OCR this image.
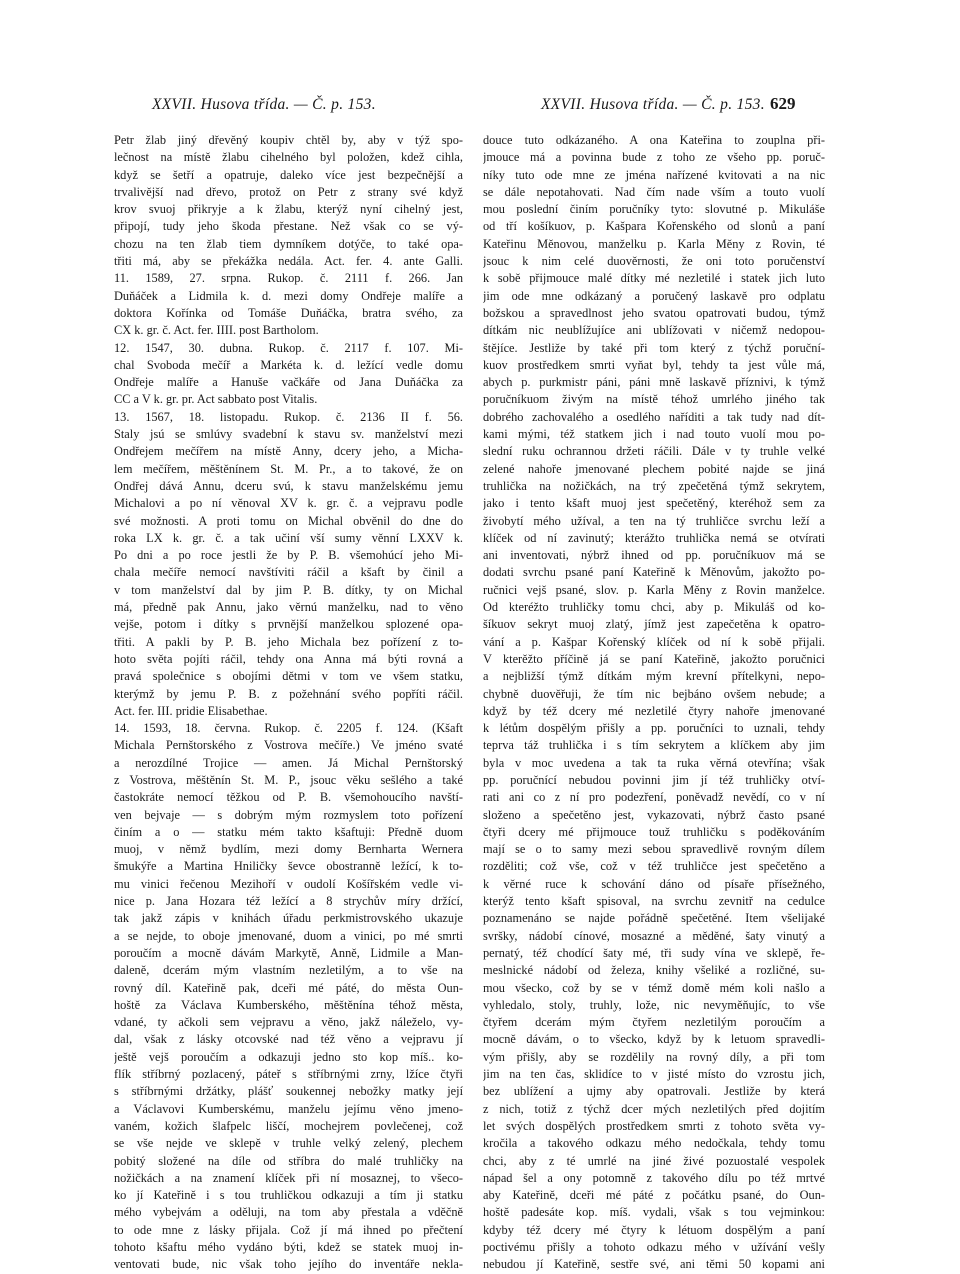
XXVII. Husova třída. — Č. p. 153.	XXVII. Husova třída. — Č. p. 153. 629
Petr žlab jiný dřevěný koupiv chtěl by, aby v týž spo-
lečnost na místě žlabu cihelného byl položen, kdež cihla,
když se šetří a opatruje, daleko více jest bezpečnější a
trvalivější nad dřevo, protož on Petr z strany své když
krov svuoj přikryje a k žlabu, kterýž nyní cihelný jest,
připojí, tudy jeho škoda přestane. Než však co se vý-
chozu na ten žlab tiem dymníkem dotýče, to také opa-
třiti má, aby se překážka nedála. Act. fer. 4. ante Galli.
11. 1589, 27. srpna. Rukop. č. 2111 f. 266. Jan
Duňáček a Lidmila k. d. mezi domy Ondřeje malíře a
doktora Kořínka od Tomáše Duňáčka, bratra svého, za
CX k. gr. č. Act. fer. IIII. post Bartholom.
12. 1547, 30. dubna. Rukop. č. 2117 f. 107. Mi-
chal Svoboda mečíř a Markéta k. d. ležící vedle domu
Ondřeje malíře a Hanuše vačkáře od Jana Duňáčka za
CC a V k. gr. pr. Act sabbato post Vitalis.
13. 1567, 18. listopadu. Rukop. č. 2136 II f. 56.
Staly jsú se smlúvy svadební k stavu sv. manželství mezi
Ondřejem mečířem na místě Anny, dcery jeho, a Micha-
lem mečířem, měštěnínem St. M. Pr., a to takové, že on
Ondřej dává Annu, dceru svú, k stavu manželskému jemu
Michalovi a po ní věnoval XV k. gr. č. a vejpravu podle
své možnosti. A proti tomu on Michal obvěnil do dne do
roka LX k. gr. č. a tak učiní vší sumy věnní LXXV k.
Po dni a po roce jestli že by P. B. všemohúcí jeho Mi-
chala mečíře nemocí navštíviti ráčil a kšaft by činil a
v tom manželství dal by jim P. B. dítky, ty on Michal
má, předně pak Annu, jako věrnú manželku, nad to věno
vejše, potom i dítky s prvnější manželkou splozené opa-
třiti. A pakli by P. B. jeho Michala bez pořízení z to-
hoto světa pojíti ráčil, tehdy ona Anna má býti rovná a
pravá společnice s obojími dětmi v tom ve všem statku,
kterýmž by jemu P. B. z požehnání svého popříti ráčil.
Act. fer. III. pridie Elisabethae.
14. 1593, 18. června. Rukop. č. 2205 f. 124. (Kšaft
Michala Pernštorského z Vostrova mečíře.) Ve jméno svaté
a nerozdílné Trojice — amen. Já Michal Pernštorský
z Vostrova, měštěnín St. M. P., jsouc věku sešlého a také
častokráte nemocí těžkou od P. B. všemohoucího navští-
ven bejvaje — s dobrým mým rozmyslem toto pořízení
činím a o — statku mém takto kšaftuji: Předně duom
muoj, v němž bydlím, mezi domy Bernharta Wernera
šmukýře a Martina Hniličky ševce obostranně ležící, k to-
mu vinici řečenou Mezihoří v oudolí Košířském vedle vi-
nice p. Jana Hozara též ležící a 8 strychův míry držící,
tak jakž zápis v knihách úřadu perkmistrovského ukazuje
a se nejde, to oboje jmenované, duom a vinici, po mé smrti
poroučím a mocně dávám Markytě, Anně, Lidmile a Man-
daleně, dcerám mým vlastním nezletilým, a to vše na
rovný díl. Kateřině pak, dceři mé páté, do města Oun-
hoště za Václava Kumberského, měštěnína téhož města,
vdané, ty ačkoli sem vejpravu a věno, jakž náleželo, vy-
dal, však z lásky otcovské nad též věno a vejpravu jí
ještě vejš poroučím a odkazuji jedno sto kop míš.. ko-
flík stříbrný pozlacený, páteř s stříbrnými zrny, lžíce čtyři
s stříbrnými držátky, plášť soukennej nebožky matky její
a Václavovi Kumberskému, manželu jejímu věno jmeno-
vaném, kožich šlafpelc liščí, mochejrem povlečenej, což
se vše nejde ve sklepě v truhle velký zelený, plechem
pobitý složené na díle od stříbra do malé truhličky na
nožičkách a na znamení klíček při ní mosaznej, to všeco-
ko jí Kateřině i s tou truhličkou odkazuji a tím ji statku
mého vybejvám a oděluji, na tom aby přestala a vděčně
to ode mne z lásky přijala. Což jí má ihned po přečtení
tohoto kšaftu mého vydáno býti, kdež se statek muoj in-
ventovati bude, nic však toho jejího do inventáře nekla-
douce tuto odkázaného. A ona Kateřina to zouplna při-
jmouce má a povinna bude z toho ze všeho pp. poruč-
níky tuto ode mne ze jména nařízené kvitovati a na nic
se dále nepotahovati. Nad čím nade vším a touto vuolí
mou poslední činím poručníky tyto: slovutné p. Mikuláše
od tří košíkuov, p. Kašpara Kořenského od slonů a paní
Kateřinu Měnovou, manželku p. Karla Měny z Rovin, té
jsouc k nim celé duověrnosti, že oni toto poručenství
k sobě přijmouce malé dítky mé nezletilé i statek jich luto
jim ode mne odkázaný a poručený laskavě pro odplatu
božskou a spravedlnost jeho svatou opatrovati budou, týmž
dítkám nic neublížujíce ani ublížovati v ničemž nedopou-
štějíce. Jestliže by také při tom který z týchž poruční-
kuov prostředkem smrti vyňat byl, tehdy ta jest vůle má,
abych p. purkmistr páni, páni mně laskavě příznivi, k týmž
poručníkuom živým na místě téhož umrlého jiného tak
dobrého zachovalého a osedlého naříditi a tak tudy nad dít-
kami mými, též statkem jich i nad touto vuolí mou po-
slední ruku ochrannou držeti ráčili. Dále v ty truhle velké
zelené nahoře jmenované plechem pobité najde se jiná
truhlička na nožičkách, na trý zpečetěná týmž sekrytem,
jako i tento kšaft muoj jest spečetěný, kteréhož sem za
živobytí mého užíval, a ten na tý truhličce svrchu leží a
klíček od ní zavinutý; kterážto truhlička nemá se otvírati
ani inventovati, nýbrž ihned od pp. poručníkuov má se
dodati svrchu psané paní Kateřině k Měnovům, jakožto po-
ručnici vejš psané, slov. p. Karla Měny z Rovin manželce.
Od kteréžto truhličky tomu chci, aby p. Mikuláš od ko-
šíkuov sekryt muoj zlatý, jímž jest zapečetěna k opatro-
vání a p. Kašpar Kořenský klíček od ní k sobě přijali.
V kterěžto příčině já se paní Kateřině, jakožto poručnici
a nejbližší týmž dítkám mým krevní přítelkyni, nepo-
chybně duověřuji, že tím nic bejbáno ovšem nebude; a
když by též dcery mé nezletilé čtyry nahoře jmenované
k létům dospělým přišly a pp. poručníci to uznali, tehdy
teprva táž truhlička i s tím sekrytem a klíčkem aby jim
byla v moc uvedena a tak ta ruka věrná otevřína; však
pp. poručnící nebudou povinni jim jí též truhličky otví-
rati ani co z ní pro podezření, poněvadž nevědí, co v ní
složeno a spečetěno jest, vykazovati, nýbrž často psané
čtyři dcery mé přijmouce touž truhličku s poděkováním
mají se o to samy mezi sebou spravedlivě rovným dílem
rozděliti; což vše, což v též truhličce jest spečetěno a
k věrné ruce k schování dáno od písaře přísežného,
kterýž tento kšaft spisoval, na svrchu zevnitř na cedulce
poznamenáno se najde pořádně spečetěné. Item všelijaké
svršky, nádobí cínové, mosazné a měděné, šaty vinutý a
pernatý, též chodící šaty mé, tři sudy vína ve sklepě, ře-
meslnické nádobí od železa, knihy všeliké a rozličné, su-
mou všecko, což by se v témž domě mém koli našlo a
vyhledalo, stoly, truhly, lože, nic nevyměňujíc, to vše
čtyřem dcerám mým čtyřem nezletilým poroučím a
mocně dávám, o to všecko, když by k letuom spravedli-
vým přišly, aby se rozdělily na rovný díly, a při tom
jim na ten čas, sklidíce to v jisté místo do vzrostu jich,
bez ublížení a ujmy aby opatrovali. Jestliže by která
z nich, totiž z týchž dcer mých nezletilých před dojitím
let svých dospělých prostředkem smrti z tohoto světa vy-
kročila a takového odkazu mého nedočkala, tehdy tomu
chci, aby z té umrlé na jiné živé pozuostalé vespolek
nápad šel a ony potomně z takového dílu po též mrtvé
aby Kateřině, dceři mé páté z počátku psané, do Oun-
hoště padesáte kop. míš. vydali, však s tou vejminkou:
kdyby též dcery mé čtyry k létuom dospělým a paní
poctivému přišly a tohoto odkazu mého v užívání vešly
nebudou jí Kateřině, sestře své, ani těmi 50 kopami ani
